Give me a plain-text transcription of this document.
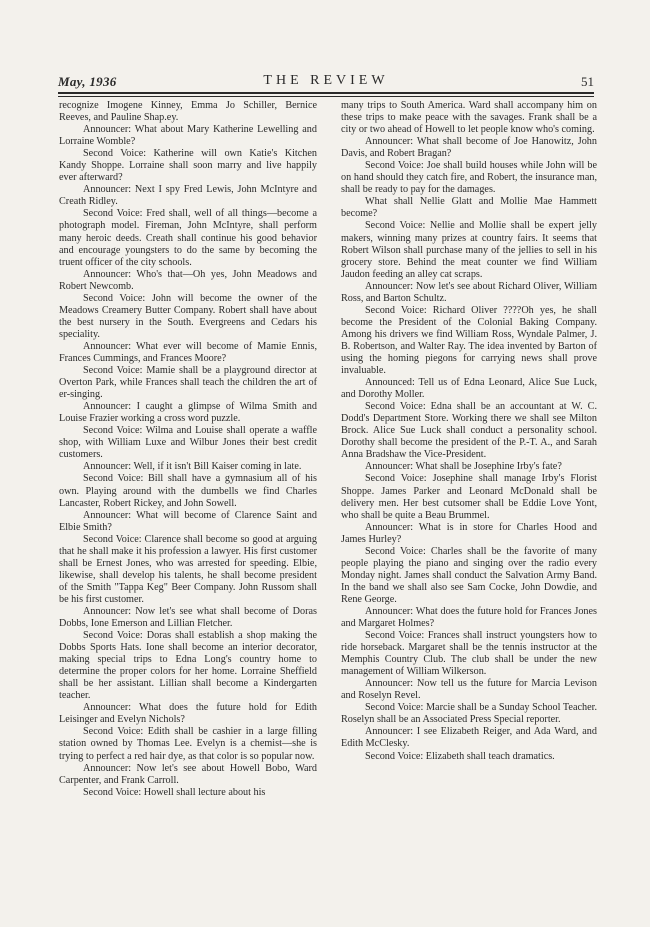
May, 1936	THE REVIEW	51

recognize Imogene Kinney, Emma Jo Schiller, Bernice Reeves, and Pauline Shap.ey.

Announcer: What about Mary Katherine Lewelling and Lorraine Womble?

Second Voice: Katherine will own Katie's Kitchen Kandy Shoppe. Lorraine shall soon marry and live happily ever afterward?

Announcer: Next I spy Fred Lewis, John McIntyre and Creath Ridley.

Second Voice: Fred shall, well of all things—become a photograph model. Fireman, John McIntyre, shall perform many heroic deeds. Creath shall continue his good behavior and encourage youngsters to do the same by becoming the truent officer of the city schools.

Announcer: Who's that—Oh yes, John Meadows and Robert Newcomb.

Second Voice: John will become the owner of the Meadows Creamery Butter Company. Robert shall have about the best nursery in the South. Evergreens and Cedars his speciality.

Announcer: What ever will become of Mamie Ennis, Frances Cummings, and Frances Moore?

Second Voice: Mamie shall be a playground director at Overton Park, while Frances shall teach the children the art of er-singing.

Announcer: I caught a glimpse of Wilma Smith and Louise Frazier working a cross word puzzle.

Second Voice: Wilma and Louise shall operate a waffle shop, with William Luxe and Wilbur Jones their best credit customers.

Announcer: Well, if it isn't Bill Kaiser coming in late.

Second Voice: Bill shall have a gymnasium all of his own. Playing around with the dumbells we find Charles Lancaster, Robert Rickey, and John Sowell.

Announcer: What will become of Clarence Saint and Elbie Smith?

Second Voice: Clarence shall become so good at arguing that he shall make it his profession a lawyer. His first customer shall be Ernest Jones, who was arrested for speeding. Elbie, likewise, shall develop his talents, he shall become president of the Smith "Tappa Keg" Beer Company. John Russom shall be his first customer.

Announcer: Now let's see what shall become of Doras Dobbs, Ione Emerson and Lillian Fletcher.

Second Voice: Doras shall establish a shop making the Dobbs Sports Hats. Ione shall become an interior decorator, making special trips to Edna Long's country home to determine the proper colors for her home. Lorraine Sheffield shall be her assistant. Lillian shall become a Kindergarten teacher.

Announcer: What does the future hold for Edith Leisinger and Evelyn Nichols?

Second Voice: Edith shall be cashier in a large filling station owned by Thomas Lee. Evelyn is a chemist—she is trying to perfect a red hair dye, as that color is so popular now.

Announcer: Now let's see about Howell Bobo, Ward Carpenter, and Frank Carroll.

Second Voice: Howell shall lecture about his

many trips to South America. Ward shall accompany him on these trips to make peace with the savages. Frank shall be a city or two ahead of Howell to let people know who's coming.

Announcer: What shall become of Joe Hanowitz, John Davis, and Robert Bragan?

Second Voice: Joe shall build houses while John will be on hand should they catch fire, and Robert, the insurance man, shall be ready to pay for the damages.

What shall Nellie Glatt and Mollie Mae Hammett become?

Second Voice: Nellie and Mollie shall be expert jelly makers, winning many prizes at country fairs. It seems that Robert Wilson shall purchase many of the jellies to sell in his grocery store. Behind the meat counter we find William Jaudon feeding an alley cat scraps.

Announcer: Now let's see about Richard Oliver, William Ross, and Barton Schultz.

Second Voice: Richard Oliver ????Oh yes, he shall become the President of the Colonial Baking Company. Among his drivers we find William Ross, Wyndale Palmer, J. B. Robertson, and Walter Ray. The idea invented by Barton of using the homing piegons for carrying news shall prove invaluable.

Announced: Tell us of Edna Leonard, Alice Sue Luck, and Dorothy Moller.

Second Voice: Edna shall be an accountant at W. C. Dodd's Department Store. Working there we shall see Milton Brock. Alice Sue Luck shall conduct a personality school. Dorothy shall become the president of the P.-T. A., and Sarah Anna Bradshaw the Vice-President.

Announcer: What shall be Josephine Irby's fate?

Second Voice: Josephine shall manage Irby's Florist Shoppe. James Parker and Leonard McDonald shall be delivery men. Her best cutsomer shall be Eddie Love Yont, who shall be quite a Beau Brummel.

Announcer: What is in store for Charles Hood and James Hurley?

Second Voice: Charles shall be the favorite of many people playing the piano and singing over the radio every Monday night. James shall conduct the Salvation Army Band. In the band we shall also see Sam Cocke, John Dowdie, and Rene George.

Announcer: What does the future hold for Frances Jones and Margaret Holmes?

Second Voice: Frances shall instruct youngsters how to ride horseback. Margaret shall be the tennis instructor at the Memphis Country Club. The club shall be under the new management of William Wilkerson.

Announcer: Now tell us the future for Marcia Levison and Roselyn Revel.

Second Voice: Marcie shall be a Sunday School Teacher. Roselyn shall be an Associated Press Special reporter.

Announcer: I see Elizabeth Reiger, and Ada Ward, and Edith McClesky.

Second Voice: Elizabeth shall teach dramatics.
